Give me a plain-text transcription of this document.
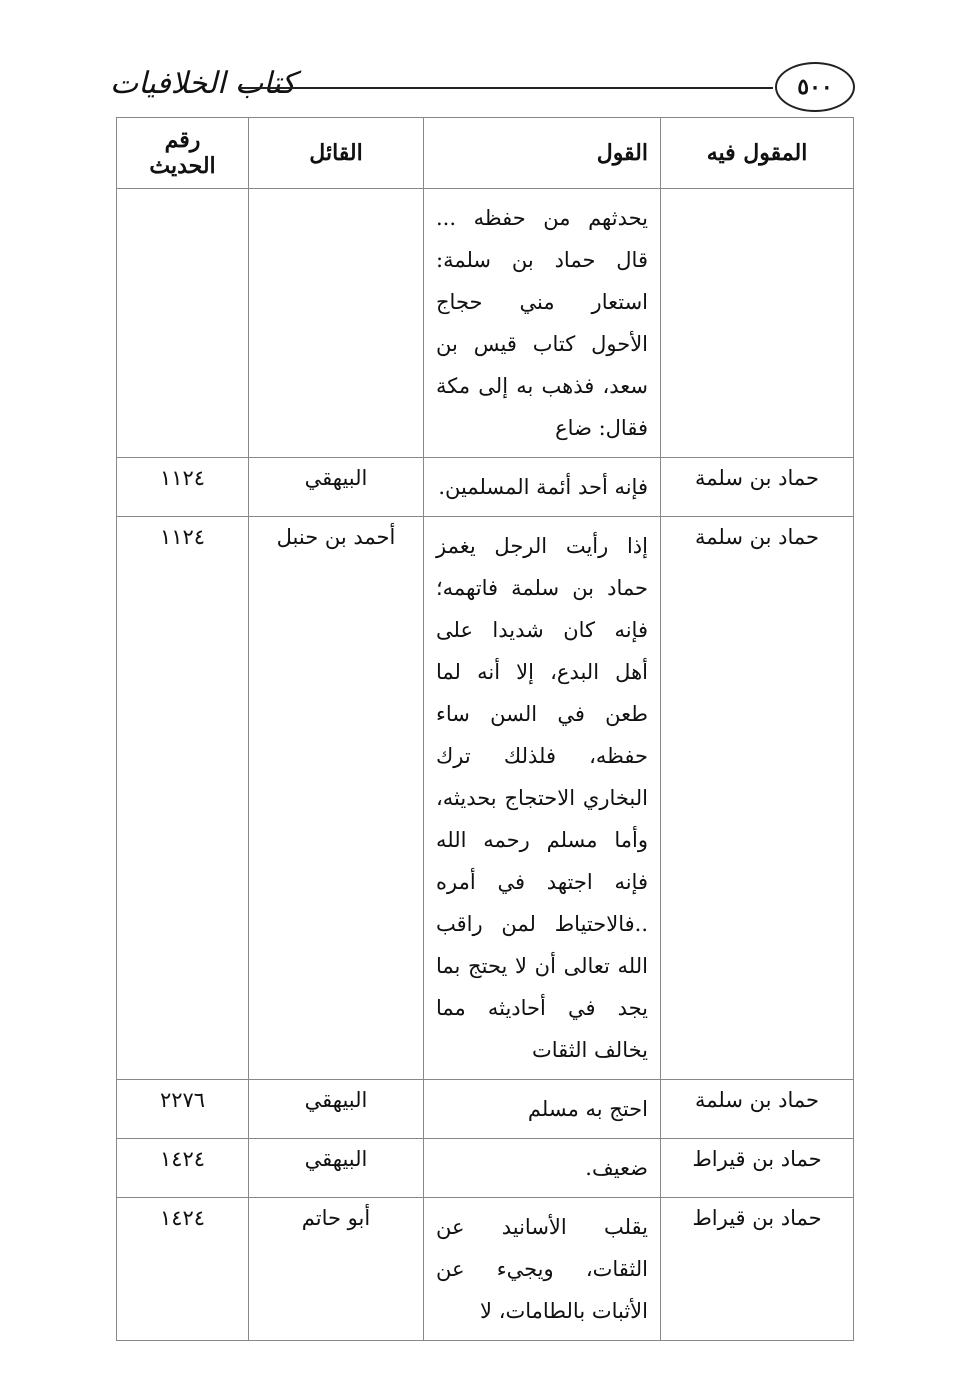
كتاب الخلافيات	٥٠٠
المقول فيه	القول	القائل	رقم الحديث
	يحدثهم من حفظه ... قال حماد بن سلمة: استعار مني حجاج الأحول كتاب قيس بن سعد، فذهب به إلى مكة فقال: ضاع		
حماد بن سلمة	فإنه أحد أئمة المسلمين.	البيهقي	١١٢٤
حماد بن سلمة	إذا رأيت الرجل يغمز حماد بن سلمة فاتهمه؛ فإنه كان شديدا على أهل البدع، إلا أنه لما طعن في السن ساء حفظه، فلذلك ترك البخاري الاحتجاج بحديثه، وأما مسلم رحمه الله فإنه اجتهد في أمره ..فالاحتياط لمن راقب الله تعالى أن لا يحتج بما يجد في أحاديثه مما يخالف الثقات	أحمد بن حنبل	١١٢٤
حماد بن سلمة	احتج به مسلم	البيهقي	٢٢٧٦
حماد بن قيراط	ضعيف.	البيهقي	١٤٢٤
حماد بن قيراط	يقلب الأسانيد عن الثقات، ويجيء عن الأثبات بالطامات، لا	أبو حاتم	١٤٢٤
